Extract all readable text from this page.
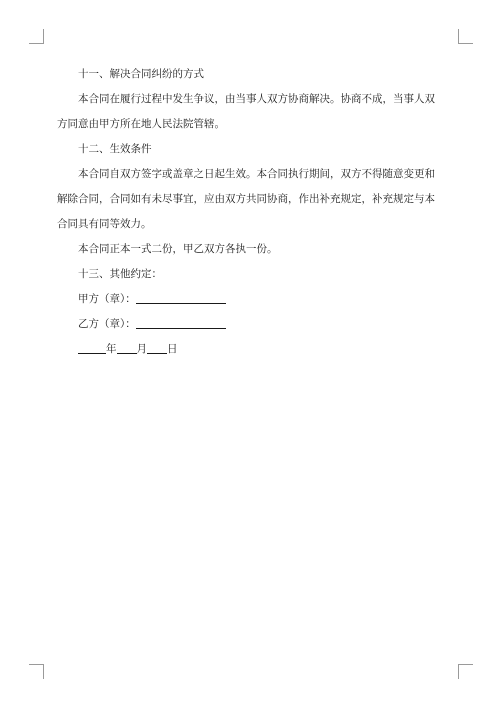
十一、解决合同纠纷的方式

本合同在履行过程中发生争议，由当事人双方协商解决。协商不成，当事人双方同意由甲方所在地人民法院管辖。

十二、生效条件

本合同自双方签字或盖章之日起生效。本合同执行期间，双方不得随意变更和解除合同，合同如有未尽事宜，应由双方共同协商，作出补充规定，补充规定与本合同具有同等效力。

本合同正本一式二份，甲乙双方各执一份。

十三、其他约定：

甲方（章）：

乙方（章）：

年 月 日
